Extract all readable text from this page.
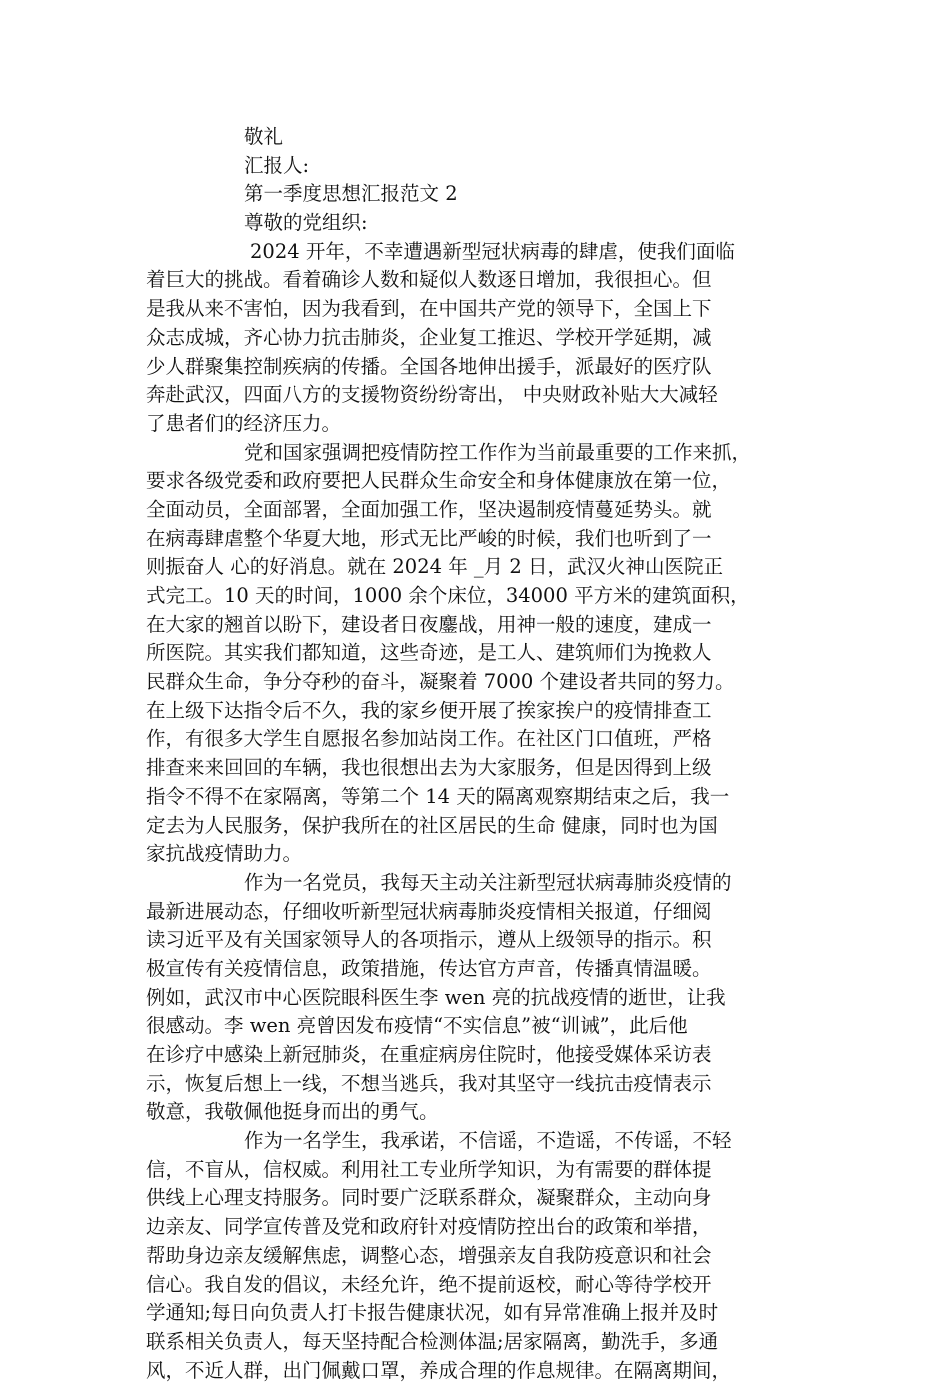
敬礼
汇报人:
第一季度思想汇报范文 2
尊敬的党组织:
2024 开年，不幸遭遇新型冠状病毒的肆虐，使我们面临
着巨大的挑战。看着确诊人数和疑似人数逐日增加，我很担心。但
是我从来不害怕，因为我看到，在中国共产党的领导下，全国上下
众志成城，齐心协力抗击肺炎，企业复工推迟、学校开学延期，减
少人群聚集控制疾病的传播。全国各地伸出援手，派最好的医疗队
奔赴武汉，四面八方的支援物资纷纷寄出， 中央财政补贴大大减轻
了患者们的经济压力。
党和国家强调把疫情防控工作作为当前最重要的工作来抓，
要求各级党委和政府要把人民群众生命安全和身体健康放在第一位，
全面动员，全面部署，全面加强工作，坚决遏制疫情蔓延势头。就
在病毒肆虐整个华夏大地，形式无比严峻的时候，我们也听到了一
则振奋人 心的好消息。就在 2024 年 _月 2 日，武汉火神山医院正
式完工。10 天的时间，1000 余个床位，34000 平方米的建筑面积，
在大家的翘首以盼下，建设者日夜鏖战，用神一般的速度，建成一
所医院。其实我们都知道，这些奇迹，是工人、建筑师们为挽救人
民群众生命，争分夺秒的奋斗，凝聚着 7000 个建设者共同的努力。
在上级下达指令后不久，我的家乡便开展了挨家挨户的疫情排查工
作，有很多大学生自愿报名参加站岗工作。在社区门口值班，严格
排查来来回回的车辆，我也很想出去为大家服务，但是因得到上级
指令不得不在家隔离，等第二个 14 天的隔离观察期结束之后，我一
定去为人民服务，保护我所在的社区居民的生命 健康，同时也为国
家抗战疫情助力。
作为一名党员，我每天主动关注新型冠状病毒肺炎疫情的
最新进展动态，仔细收听新型冠状病毒肺炎疫情相关报道，仔细阅
读习近平及有关国家领导人的各项指示，遵从上级领导的指示。积
极宣传有关疫情信息，政策措施，传达官方声音，传播真情温暖。
例如，武汉市中心医院眼科医生李 wen 亮的抗战疫情的逝世，让我
很感动。李 wen 亮曾因发布疫情“不实信息”被“训诫”，此后他
在诊疗中感染上新冠肺炎，在重症病房住院时，他接受媒体采访表
示，恢复后想上一线，不想当逃兵，我对其坚守一线抗击疫情表示
敬意，我敬佩他挺身而出的勇气。
作为一名学生，我承诺，不信谣，不造谣，不传谣，不轻
信，不盲从，信权威。利用社工专业所学知识，为有需要的群体提
供线上心理支持服务。同时要广泛联系群众，凝聚群众，主动向身
边亲友、同学宣传普及党和政府针对疫情防控出台的政策和举措，
帮助身边亲友缓解焦虑，调整心态，增强亲友自我防疫意识和社会
信心。我自发的倡议，未经允许，绝不提前返校，耐心等待学校开
学通知;每日向负责人打卡报告健康状况，如有异常准确上报并及时
联系相关负责人，每天坚持配合检测体温;居家隔离，勤洗手，多通
风，不近人群，出门佩戴口罩，养成合理的作息规律。在隔离期间，
